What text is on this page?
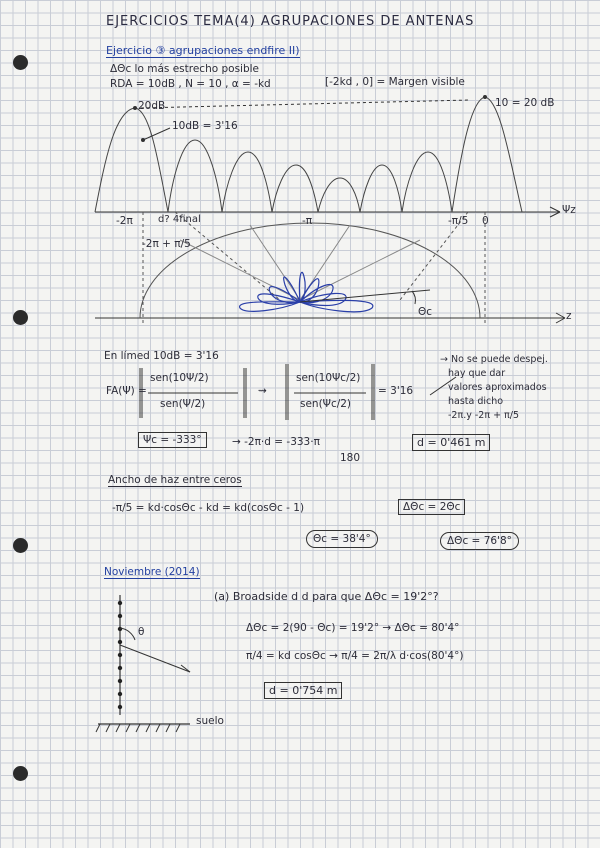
EJERCICIOS TEMA(4) AGRUPACIONES DE ANTENAS
Ejercicio ③ agrupaciones endfire II)
ΔΘc lo más estrecho posible
RDA = 10dB , N = 10 , α = -kd	[-2kd , 0] = Margen visible
20dB	10 = 20 dB
10dB = 3'16
Ψz
-2π	-π	-π/5 0
d? 4final
-2π + π/5
Θc	z
En límed 10dB = 3'16
FA(Ψ) =
sen(10Ψ/2)
sen(Ψ/2)
⇝
sen(10Ψc/2)
sen(Ψc/2)
= 3'16
→ No se puede despej.
hay que dar
valores aproximados
hasta dicho
-2π.y -2π + π/5
Ψc = -333°	→ -2π·d = -333·π
180
d = 0'461 m
Ancho de haz entre ceros
-π/5 = kd·cosΘc - kd = kd(cosΘc - 1)	ΔΘc = 2Θc
Θc = 38'4°	ΔΘc = 76'8°
Noviembre (2014)
(a) Broadside d d para que ΔΘc = 19'2°?
ΔΘc = 2(90 - Θc) = 19'2° → ΔΘc = 80'4°
π/4 = kd cosΘc → π/4 = 2π/λ d·cos(80'4°)
d = 0'754 m
θ
suelo
